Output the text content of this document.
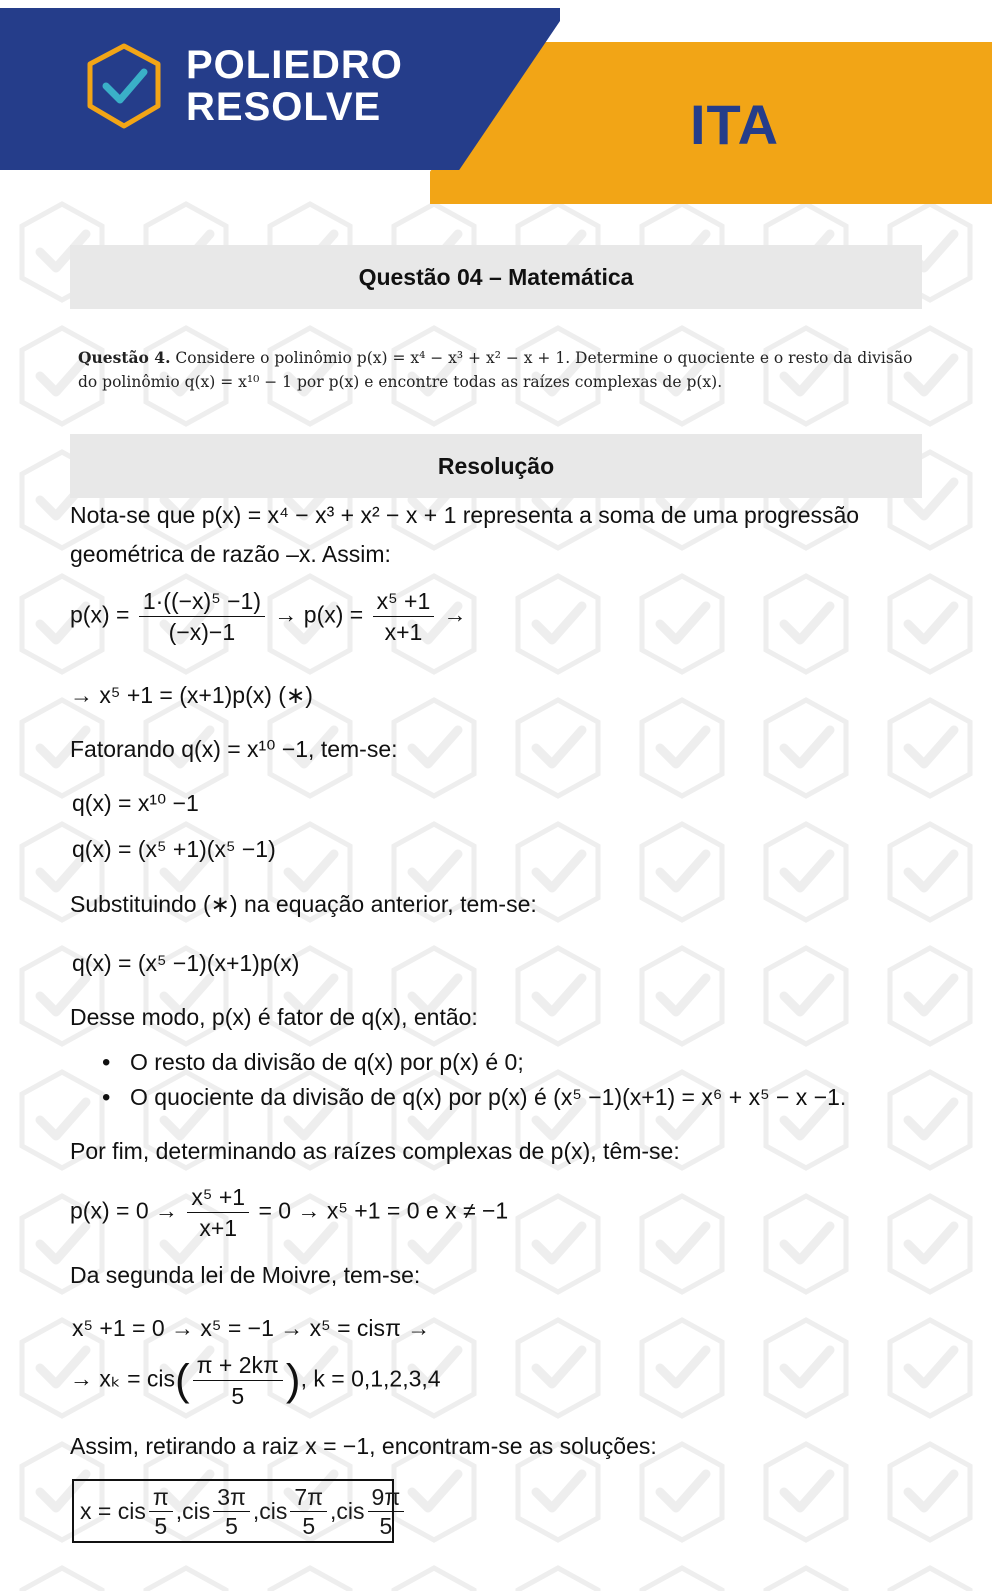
POLIEDRO
RESOLVE	ITA
Questão 04 – Matemática
Questão 4. Considere o polinômio p(x) = x⁴ − x³ + x² − x + 1. Determine o quociente e o resto da divisão
do polinômio q(x) = x¹⁰ − 1 por p(x) e encontre todas as raízes complexas de p(x).
Resolução
Nota-se que p(x) = x⁴ − x³ + x² − x + 1 representa a soma de uma progressão
geométrica de razão –x. Assim:
$p(x) = \frac{\text{1·((−x)⁵ −1)}}{(-x)-1} \to p(x) = \frac{\text{x⁵ +1}}{x+1}$ →
→ x⁵ +1 = (x+1)p(x) (∗)
Fatorando q(x) = x¹⁰ −1, tem-se:
q(x) = x¹⁰ −1
q(x) = (x⁵ +1)(x⁵ −1)
Substituindo (∗) na equação anterior, tem-se:
q(x) = (x⁵ −1)(x+1)p(x)
Desse modo, p(x) é fator de q(x), então:
• O resto da divisão de q(x) por p(x) é 0;
• O quociente da divisão de q(x) por p(x) é (x⁵ −1)(x+1) = x⁶ + x⁵ − x −1.
Por fim, determinando as raízes complexas de p(x), têm-se:
$p(x) = 0 \to \frac{\text{x⁵ +1}}{x+1} = 0 \to x^5 +1 = 0$ e x ≠ −1
Da segunda lei de Moivre, tem-se:
x⁵ +1 = 0 → x⁵ = −1 → x⁵ = cisπ →
→ $x_k = cis( \frac{\pi + 2k\pi}{5}$ ), k = 0,1,2,3,4
Assim, retirando a raiz x = −1, encontram-se as soluções:
x = cis $\frac{\pi}{5} ,cis \frac{3\pi}{5} ,cis \frac{7\pi}{5} ,cis \frac{9\pi}{5}$
